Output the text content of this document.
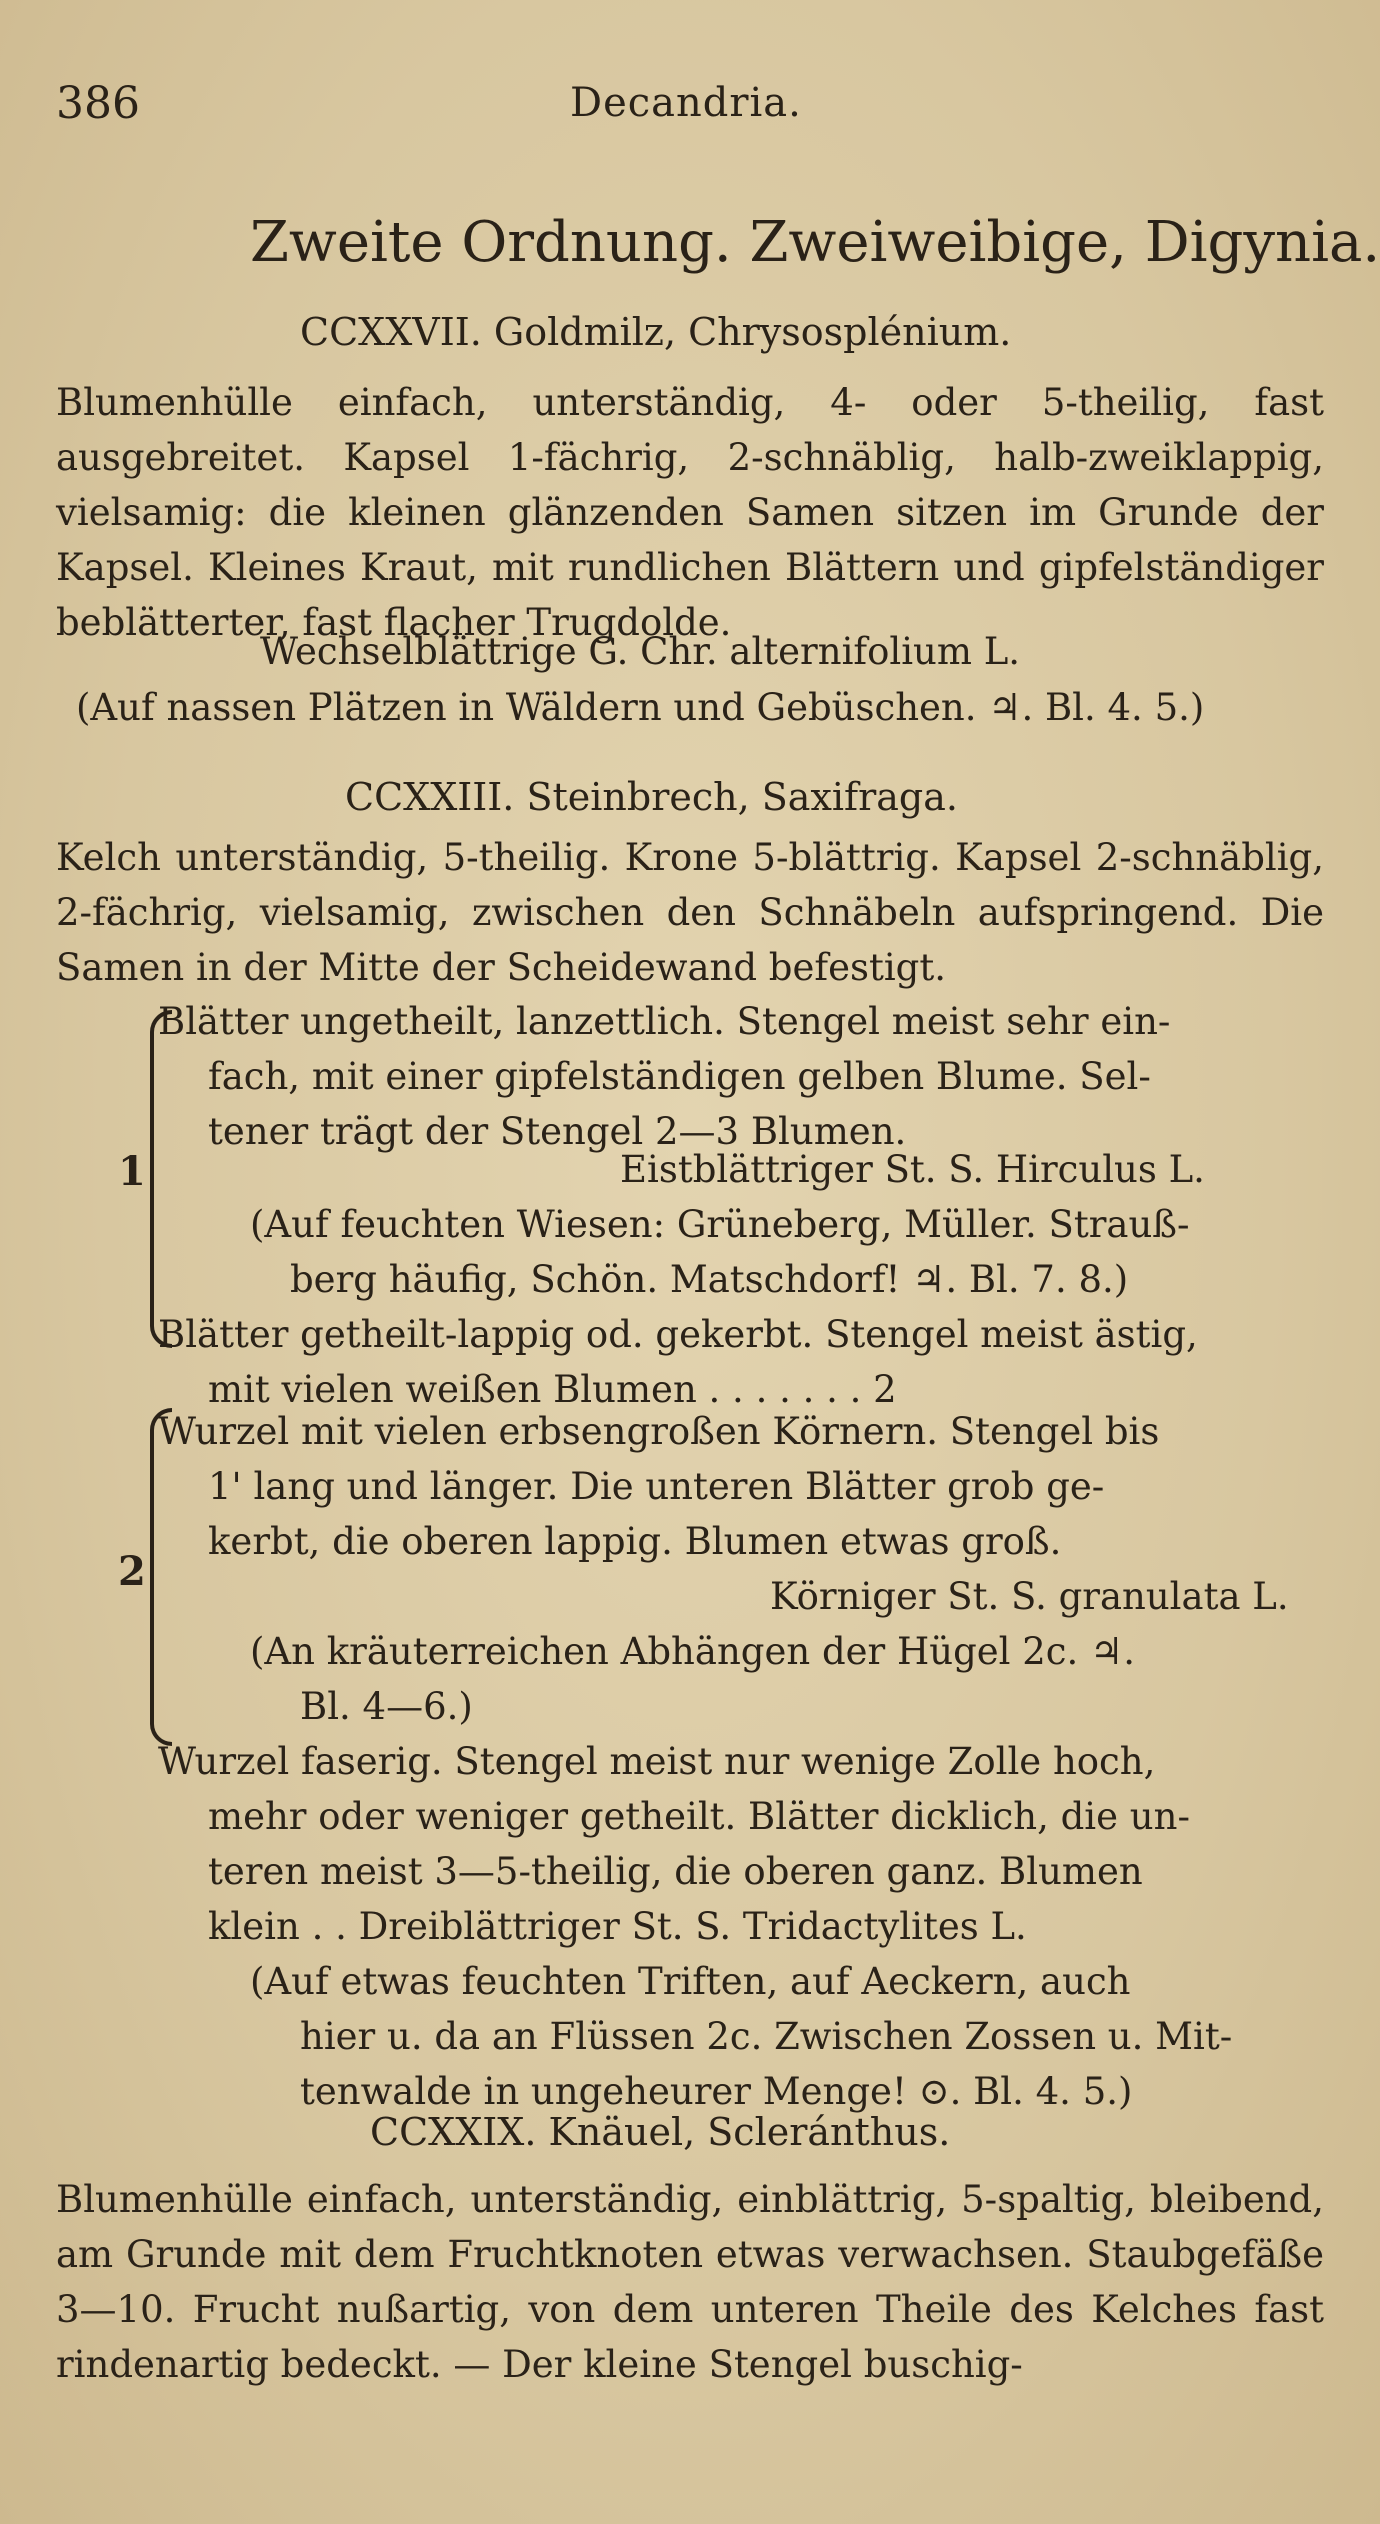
386	Decandria.
Zweite Ordnung. Zweiweibige, Digynia.
CCXXVII. Goldmilz, Chrysosplénium.
Blumenhülle einfach, unterständig, 4- oder 5-theilig, fast ausgebreitet. Kapsel 1-fächrig, 2-schnäblig, halb-zweiklappig, vielsamig: die kleinen glänzenden Samen sitzen im Grunde der Kapsel. Kleines Kraut, mit rundlichen Blättern und gipfelständiger beblätterter, fast flacher Trugdolde.
Wechselblättrige G. Chr. alternifolium L.
(Auf nassen Plätzen in Wäldern und Gebüschen. ♃. Bl. 4. 5.)
CCXXIII. Steinbrech, Saxifraga.
Kelch unterständig, 5-theilig. Krone 5-blättrig. Kapsel 2-schnäblig, 2-fächrig, vielsamig, zwischen den Schnäbeln aufspringend. Die Samen in der Mitte der Scheidewand befestigt.
1
Blätter ungetheilt, lanzettlich. Stengel meist sehr ein-
fach, mit einer gipfelständigen gelben Blume. Sel-
tener trägt der Stengel 2—3 Blumen.
Eistblättriger St. S. Hirculus L.
(Auf feuchten Wiesen: Grüneberg, Müller. Strauß-
berg häufig, Schön. Matschdorf! ♃. Bl. 7. 8.)
Blätter getheilt-lappig od. gekerbt. Stengel meist ästig,
mit vielen weißen Blumen . . . . . . . 2
2
Wurzel mit vielen erbsengroßen Körnern. Stengel bis
1' lang und länger. Die unteren Blätter grob ge-
kerbt, die oberen lappig. Blumen etwas groß.
Körniger St. S. granulata L.
(An kräuterreichen Abhängen der Hügel 2c. ♃.
Bl. 4—6.)
Wurzel faserig. Stengel meist nur wenige Zolle hoch,
mehr oder weniger getheilt. Blätter dicklich, die un-
teren meist 3—5-theilig, die oberen ganz. Blumen
klein . . Dreiblättriger St. S. Tridactylites L.
(Auf etwas feuchten Triften, auf Aeckern, auch
hier u. da an Flüssen 2c. Zwischen Zossen u. Mit-
tenwalde in ungeheurer Menge! ⊙. Bl. 4. 5.)
CCXXIX. Knäuel, Scleránthus.
Blumenhülle einfach, unterständig, einblättrig, 5-spaltig, bleibend, am Grunde mit dem Fruchtknoten etwas verwachsen. Staubgefäße 3—10. Frucht nußartig, von dem unteren Theile des Kelches fast rindenartig bedeckt. — Der kleine Stengel buschig-
